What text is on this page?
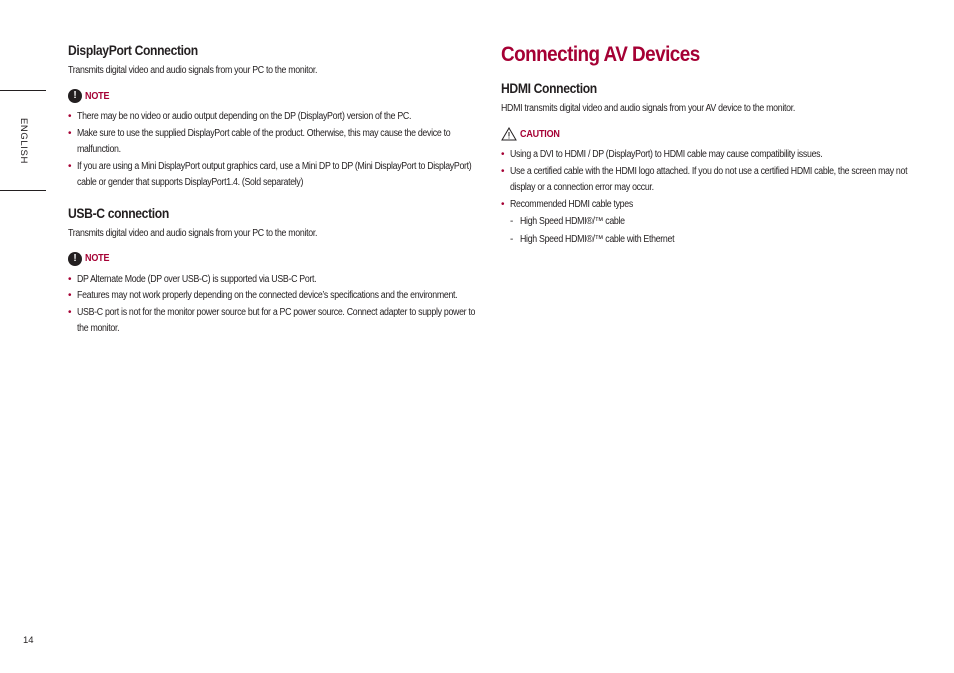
ENGLISH
DisplayPort Connection

Transmits digital video and audio signals from your PC to the monitor.

! NOTE
• There may be no video or audio output depending on the DP (DisplayPort) version of the PC.
• Make sure to use the supplied DisplayPort cable of the product. Otherwise, this may cause the device to malfunction.
• If you are using a Mini DisplayPort output graphics card, use a Mini DP to DP (Mini DisplayPort to DisplayPort) cable or gender that supports DisplayPort1.4. (Sold separately)
USB-C connection

Transmits digital video and audio signals from your PC to the monitor.

! NOTE
• DP Alternate Mode (DP over USB-C) is supported via USB-C Port.
• Features may not work properly depending on the connected device’s specifications and the environment.
• USB-C port is not for the monitor power source but for a PC power source. Connect adapter to supply power to the monitor.
Connecting AV Devices
HDMI Connection

HDMI transmits digital video and audio signals from your AV device to the monitor.

CAUTION
• Using a DVI to HDMI / DP (DisplayPort) to HDMI cable may cause compatibility issues.
• Use a certified cable with the HDMI logo attached. If you do not use a certified HDMI cable, the screen may not display or a connection error may occur.
• Recommended HDMI cable types
- High Speed HDMI®/™ cable
- High Speed HDMI®/™ cable with Ethernet
14
